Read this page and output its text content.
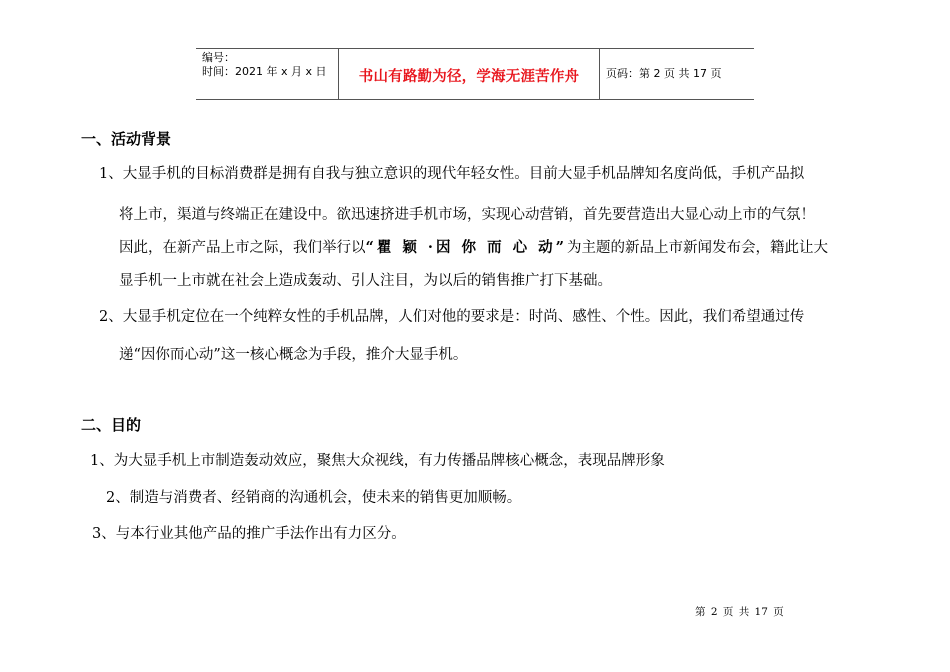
编号：
时间：2021 年 x 月 x 日	书山有路勤为径，学海无涯苦作舟	页码：第 2 页 共 17 页
一、活动背景
1、大显手机的目标消费群是拥有自我与独立意识的现代年轻女性。目前大显手机品牌知名度尚低，手机产品拟
将上市，渠道与终端正在建设中。欲迅速挤进手机市场，实现心动营销，首先要营造出大显心动上市的气氛！
因此，在新产品上市之际，我们举行以“瞿 颖 ·因 你 而 心 动”为主题的新品上市新闻发布会，籍此让大
显手机一上市就在社会上造成轰动、引人注目，为以后的销售推广打下基础。
2、大显手机定位在一个纯粹女性的手机品牌，人们对他的要求是：时尚、感性、个性。因此，我们希望通过传
递“因你而心动”这一核心概念为手段，推介大显手机。
二、目的
1、为大显手机上市制造轰动效应，聚焦大众视线，有力传播品牌核心概念，表现品牌形象
2、制造与消费者、经销商的沟通机会，使未来的销售更加顺畅。
3、与本行业其他产品的推广手法作出有力区分。
第 2 页 共 17 页
